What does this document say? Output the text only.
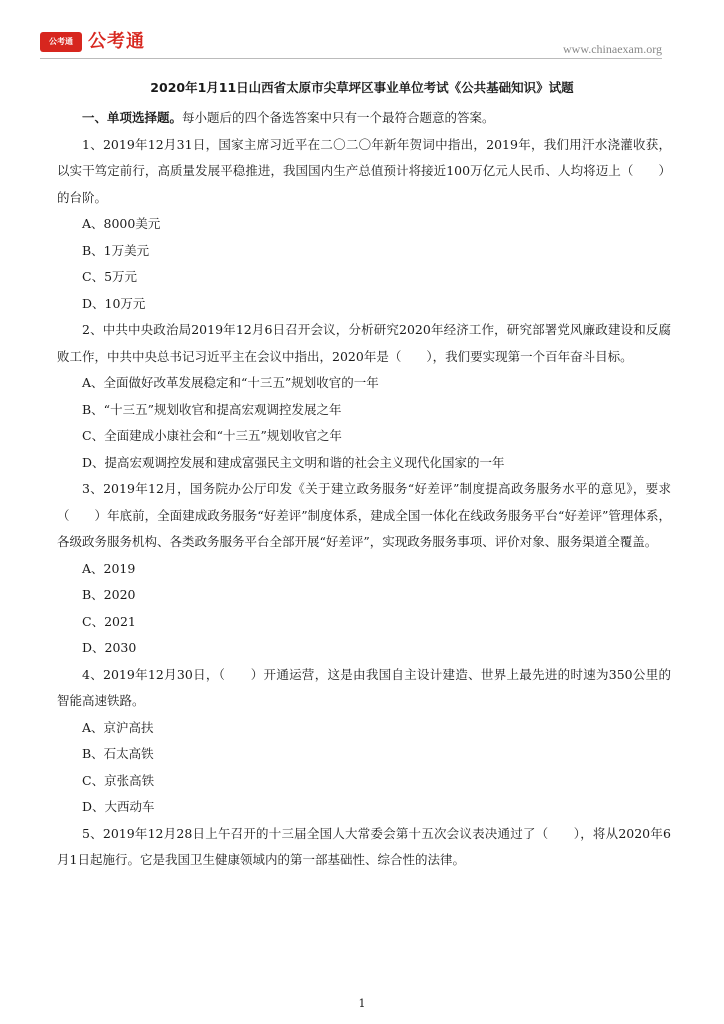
公考通 公考通	www.chinaexam.org
2020年1月11日山西省太原市尖草坪区事业单位考试《公共基础知识》试题

一、单项选择题。每小题后的四个备选答案中只有一个最符合题意的答案。

1、2019年12月31日，国家主席习近平在二〇二〇年新年贺词中指出，2019年，我们用汗水浇灌收获，以实干笃定前行，高质量发展平稳推进，我国国内生产总值预计将接近100万亿元人民币、人均将迈上（　　）的台阶。

A、8000美元

B、1万美元

C、5万元

D、10万元

2、中共中央政治局2019年12月6日召开会议，分析研究2020年经济工作，研究部署党风廉政建设和反腐败工作，中共中央总书记习近平主在会议中指出，2020年是（　　），我们要实现第一个百年奋斗目标。

A、全面做好改革发展稳定和“十三五”规划收官的一年

B、“十三五”规划收官和提高宏观调控发展之年

C、全面建成小康社会和“十三五”规划收官之年

D、提高宏观调控发展和建成富强民主文明和谐的社会主义现代化国家的一年

3、2019年12月，国务院办公厅印发《关于建立政务服务“好差评”制度提高政务服务水平的意见》，要求（　　）年底前，全面建成政务服务“好差评”制度体系，建成全国一体化在线政务服务平台“好差评”管理体系，各级政务服务机构、各类政务服务平台全部开展“好差评”，实现政务服务事项、评价对象、服务渠道全覆盖。

A、2019

B、2020

C、2021

D、2030

4、2019年12月30日，（　　）开通运营，这是由我国自主设计建造、世界上最先进的时速为350公里的智能高速铁路。

A、京沪高扶

B、石太高铁

C、京张高铁

D、大西动车

5、2019年12月28日上午召开的十三届全国人大常委会第十五次会议表决通过了（　　），将从2020年6月1日起施行。它是我国卫生健康领域内的第一部基础性、综合性的法律。

1
